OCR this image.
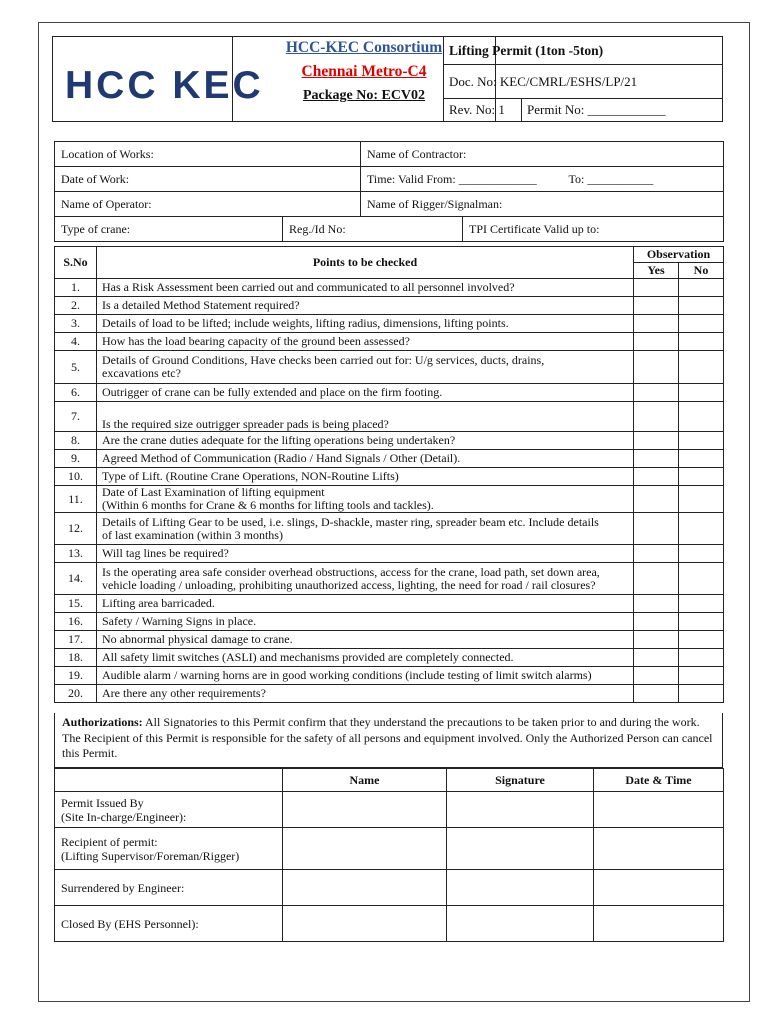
HCC KEC
HCC-KEC Consortium
Chennai Metro-C4
Package No: ECV02
Lifting Permit (1ton -5ton)
Doc. No: KEC/CMRL/ESHS/LP/21
Rev. No: 1 Permit No: ____________
Location of Works:		Name of Contractor:	
Date of Work:		Time: Valid From: _____________ To: ___________	
Name of Operator:		Name of Rigger/Signalman:	
Type of crane:	Reg./Id No:		TPI Certificate Valid up to:
S.No	Points to be checked	Observation	
		Yes	No
1.	Has a Risk Assessment been carried out and communicated to all personnel involved?		
2.	Is a detailed Method Statement required?		
3.	Details of load to be lifted; include weights, lifting radius, dimensions, lifting points.		
4.	How has the load bearing capacity of the ground been assessed?		
5.	Details of Ground Conditions, Have checks been carried out for: U/g services, ducts, drains,
excavations etc?		
6.	Outrigger of crane can be fully extended and place on the firm footing.		
7.	Is the required size outrigger spreader pads is being placed?		
8.	Are the crane duties adequate for the lifting operations being undertaken?		
9.	Agreed Method of Communication (Radio / Hand Signals / Other (Detail).		
10.	Type of Lift. (Routine Crane Operations, NON-Routine Lifts)		
11.	Date of Last Examination of lifting equipment
(Within 6 months for Crane & 6 months for lifting tools and tackles).		
12.	Details of Lifting Gear to be used, i.e. slings, D-shackle, master ring, spreader beam etc. Include details
of last examination (within 3 months)		
13.	Will tag lines be required?		
14.	Is the operating area safe consider overhead obstructions, access for the crane, load path, set down area,
vehicle loading / unloading, prohibiting unauthorized access, lighting, the need for road / rail closures?		
15.	Lifting area barricaded.		
16.	Safety / Warning Signs in place.		
17.	No abnormal physical damage to crane.		
18.	All safety limit switches (ASLI) and mechanisms provided are completely connected.		
19.	Audible alarm / warning horns are in good working conditions (include testing of limit switch alarms)		
20.	Are there any other requirements?		
Authorizations: All Signatories to this Permit confirm that they understand the precautions to be taken prior to and during the work. The Recipient of this Permit is responsible for the safety of all persons and equipment involved. Only the Authorized Person can cancel this Permit.
	Name	Signature	Date & Time
Permit Issued By
(Site In-charge/Engineer):			
Recipient of permit:
(Lifting Supervisor/Foreman/Rigger)			
Surrendered by Engineer:			
Closed By (EHS Personnel):			
